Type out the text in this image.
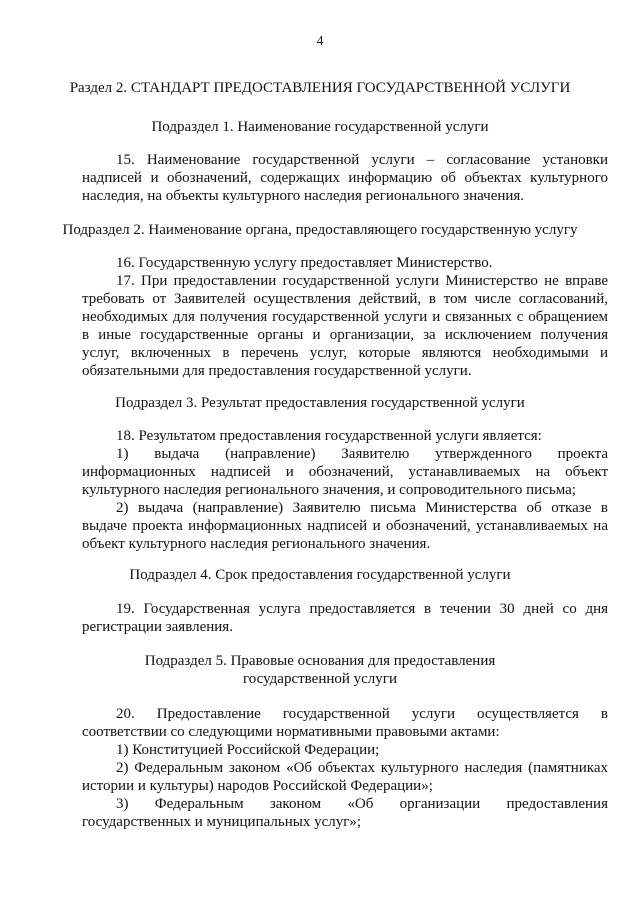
4
Раздел 2. СТАНДАРТ ПРЕДОСТАВЛЕНИЯ ГОСУДАРСТВЕННОЙ УСЛУГИ
Подраздел 1. Наименование государственной услуги
15. Наименование государственной услуги – согласование установки
надписей и обозначений, содержащих информацию об объектах культурного
наследия, на объекты культурного наследия регионального значения.
Подраздел 2. Наименование органа, предоставляющего государственную услугу
16. Государственную услугу предоставляет Министерство.
17. При предоставлении государственной услуги Министерство не вправе
требовать от Заявителей осуществления действий, в том числе согласований,
необходимых для получения государственной услуги и связанных с обращением
в иные государственные органы и организации, за исключением получения
услуг, включенных в перечень услуг, которые являются необходимыми и
обязательными для предоставления государственной услуги.
Подраздел 3. Результат предоставления государственной услуги
18. Результатом предоставления государственной услуги является:
1) выдача (направление) Заявителю утвержденного проекта
информационных надписей и обозначений, устанавливаемых на объект
культурного наследия регионального значения, и сопроводительного письма;
2) выдача (направление) Заявителю письма Министерства об отказе в
выдаче проекта информационных надписей и обозначений, устанавливаемых на
объект культурного наследия регионального значения.
Подраздел 4. Срок предоставления государственной услуги
19. Государственная услуга предоставляется в течении 30 дней со дня
регистрации заявления.
Подраздел 5. Правовые основания для предоставления
государственной услуги
20. Предоставление государственной услуги осуществляется в
соответствии со следующими нормативными правовыми актами:
1) Конституцией Российской Федерации;
2) Федеральным законом «Об объектах культурного наследия (памятниках
истории и культуры) народов Российской Федерации»;
3) Федеральным законом «Об организации предоставления
государственных и муниципальных услуг»;
